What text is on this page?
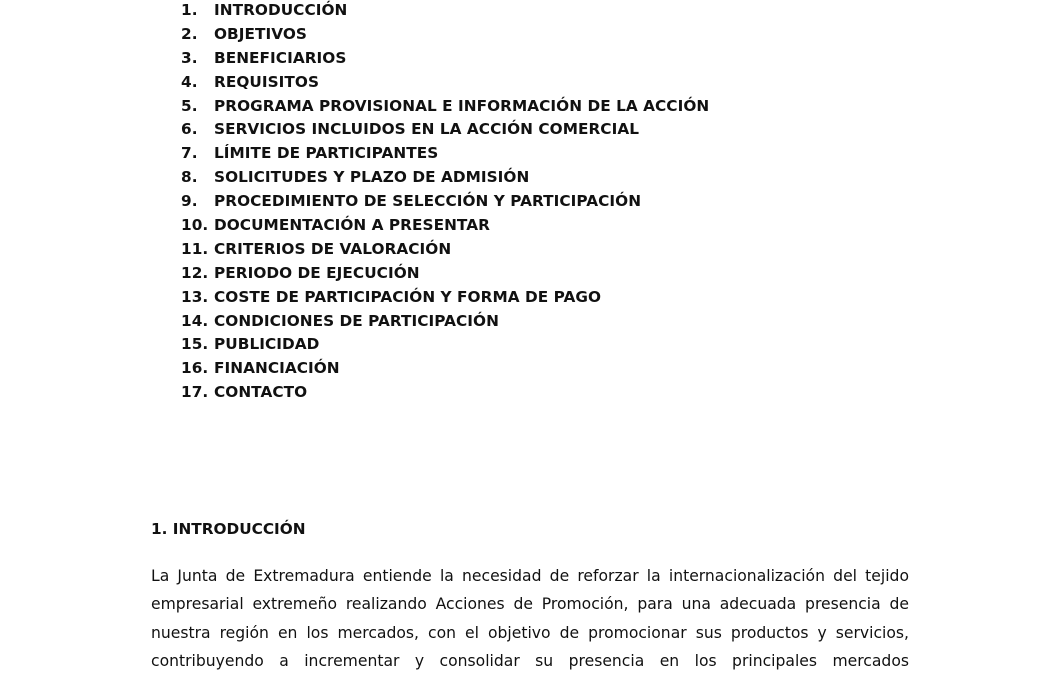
1.	INTRODUCCIÓN
2.	OBJETIVOS
3.	BENEFICIARIOS
4.	REQUISITOS
5.	PROGRAMA PROVISIONAL E INFORMACIÓN DE LA ACCIÓN
6.	SERVICIOS INCLUIDOS EN LA ACCIÓN COMERCIAL
7.	LÍMITE DE PARTICIPANTES
8.	SOLICITUDES Y PLAZO DE ADMISIÓN
9.	PROCEDIMIENTO DE SELECCIÓN Y PARTICIPACIÓN
10. DOCUMENTACIÓN A PRESENTAR
11. CRITERIOS DE VALORACIÓN
12. PERIODO DE EJECUCIÓN
13. COSTE DE PARTICIPACIÓN Y FORMA DE PAGO
14. CONDICIONES DE PARTICIPACIÓN
15. PUBLICIDAD
16. FINANCIACIÓN
17. CONTACTO
1. INTRODUCCIÓN
La Junta de Extremadura entiende la necesidad de reforzar la internacionalización del tejido
empresarial extremeño realizando Acciones de Promoción, para una adecuada presencia de
nuestra región en los mercados, con el objetivo de promocionar sus productos y servicios,
contribuyendo a incrementar y consolidar su presencia en los principales mercados
